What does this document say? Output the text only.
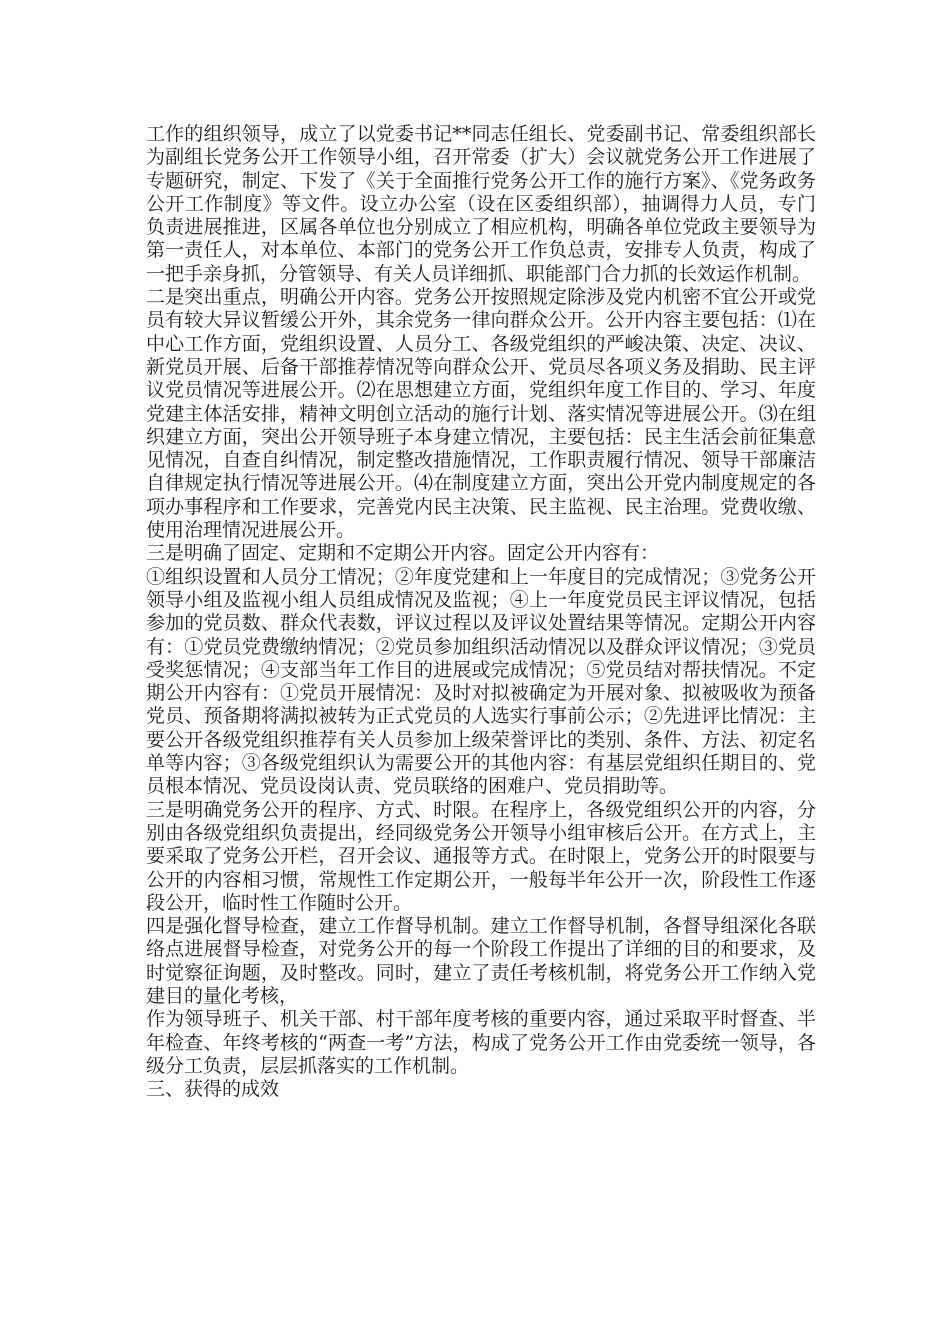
工作的组织领导，成立了以党委书记**同志任组长、党委副书记、常委组织部长为副组长党务公开工作领导小组，召开常委（扩大）会议就党务公开工作进展了专题研究，制定、下发了《关于全面推行党务公开工作的施行方案》、《党务政务公开工作制度》等文件。设立办公室（设在区委组织部），抽调得力人员，专门负责进展推进，区属各单位也分别成立了相应机构，明确各单位党政主要领导为第一责任人，对本单位、本部门的党务公开工作负总责，安排专人负责，构成了一把手亲身抓，分管领导、有关人员详细抓、职能部门合力抓的长效运作机制。

二是突出重点，明确公开内容。党务公开按照规定除涉及党内机密不宜公开或党员有较大异议暂缓公开外，其余党务一律向群众公开。公开内容主要包括：⑴在中心工作方面，党组织设置、人员分工、各级党组织的严峻决策、决定、决议、新党员开展、后备干部推荐情况等向群众公开、党员尽各项义务及捐助、民主评议党员情况等进展公开。⑵在思想建立方面，党组织年度工作目的、学习、年度党建主体活安排，精神文明创立活动的施行计划、落实情况等进展公开。⑶在组织建立方面，突出公开领导班子本身建立情况，主要包括：民主生活会前征集意见情况，自查自纠情况，制定整改措施情况，工作职责履行情况、领导干部廉洁自律规定执行情况等进展公开。⑷在制度建立方面，突出公开党内制度规定的各项办事程序和工作要求，完善党内民主决策、民主监视、民主治理。党费收缴、使用治理情况进展公开。

三是明确了固定、定期和不定期公开内容。固定公开内容有：

①组织设置和人员分工情况；②年度党建和上一年度目的完成情况；③党务公开领导小组及监视小组人员组成情况及监视；④上一年度党员民主评议情况，包括参加的党员数、群众代表数，评议过程以及评议处置结果等情况。定期公开内容有：①党员党费缴纳情况；②党员参加组织活动情况以及群众评议情况；③党员受奖惩情况；④支部当年工作目的进展或完成情况；⑤党员结对帮扶情况。不定期公开内容有：①党员开展情况：及时对拟被确定为开展对象、拟被吸收为预备党员、预备期将满拟被转为正式党员的人选实行事前公示；②先进评比情况：主要公开各级党组织推荐有关人员参加上级荣誉评比的类别、条件、方法、初定名单等内容；③各级党组织认为需要公开的其他内容：有基层党组织任期目的、党员根本情况、党员设岗认责、党员联络的困难户、党员捐助等。

三是明确党务公开的程序、方式、时限。在程序上，各级党组织公开的内容，分别由各级党组织负责提出，经同级党务公开领导小组审核后公开。在方式上，主要采取了党务公开栏，召开会议、通报等方式。在时限上，党务公开的时限要与公开的内容相习惯，常规性工作定期公开，一般每半年公开一次，阶段性工作逐段公开，临时性工作随时公开。

四是强化督导检查，建立工作督导机制。建立工作督导机制，各督导组深化各联络点进展督导检查，对党务公开的每一个阶段工作提出了详细的目的和要求，及时觉察征询题，及时整改。同时，建立了责任考核机制，将党务公开工作纳入党建目的量化考核，

作为领导班子、机关干部、村干部年度考核的重要内容，通过采取平时督查、半年检查、年终考核的“两查一考”方法，构成了党务公开工作由党委统一领导，各级分工负责，层层抓落实的工作机制。

三、获得的成效
